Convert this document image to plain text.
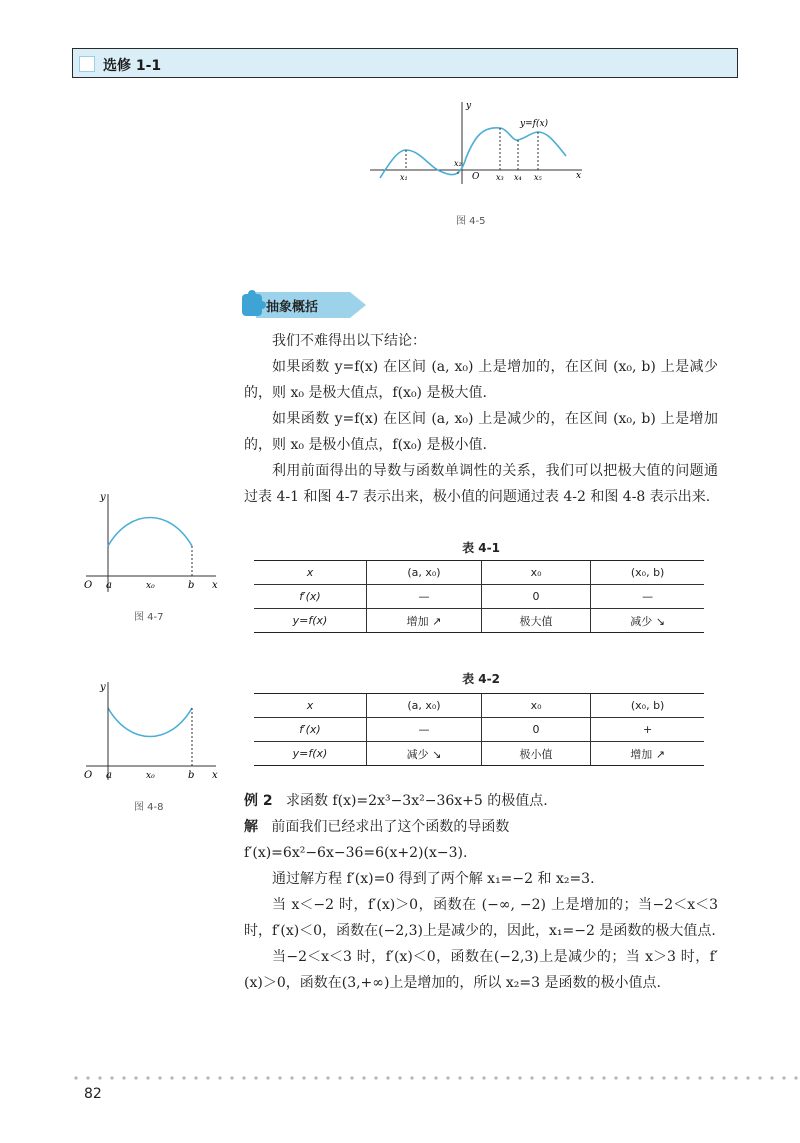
选修 1-1
y
x
y=f(x)
O
x₁
x₂
x₃ x₄ x₅
图 4-5
抽象概括

我们不难得出以下结论：

如果函数 y=f(x) 在区间 (a, x₀) 上是增加的，在区间 (x₀, b) 上是减少的，则 x₀ 是极大值点，f(x₀) 是极大值.

如果函数 y=f(x) 在区间 (a, x₀) 上是减少的，在区间 (x₀, b) 上是增加的，则 x₀ 是极小值点，f(x₀) 是极小值.

利用前面得出的导数与函数单调性的关系，我们可以把极大值的问题通过表 4-1 和图 4-7 表示出来，极小值的问题通过表 4-2 和图 4-8 表示出来.

y
x
O a	x₀	b
图 4-7
表 4-1
x	(a, x₀)	x₀	(x₀, b)
f′(x)	—	0	—
y=f(x)	增加 ↗	极大值	减少 ↘
y
x
O a	x₀	b
图 4-8
表 4-2
x	(a, x₀)	x₀	(x₀, b)
f′(x)	—	0	+
y=f(x)	减少 ↘	极小值	增加 ↗

例 2 求函数 f(x)=2x³−3x²−36x+5 的极值点.

解 前面我们已经求出了这个函数的导函数

f′(x)=6x²−6x−36=6(x+2)(x−3).

通过解方程 f′(x)=0 得到了两个解 x₁=−2 和 x₂=3.

当 x＜−2 时，f′(x)＞0，函数在 (−∞, −2) 上是增加的；当−2＜x＜3时，f′(x)＜0，函数在(−2,3)上是减少的，因此，x₁=−2 是函数的极大值点.

当−2＜x＜3 时，f′(x)＜0，函数在(−2,3)上是减少的；当 x＞3 时，f′(x)＞0，函数在(3,+∞)上是增加的，所以 x₂=3 是函数的极小值点.

82
